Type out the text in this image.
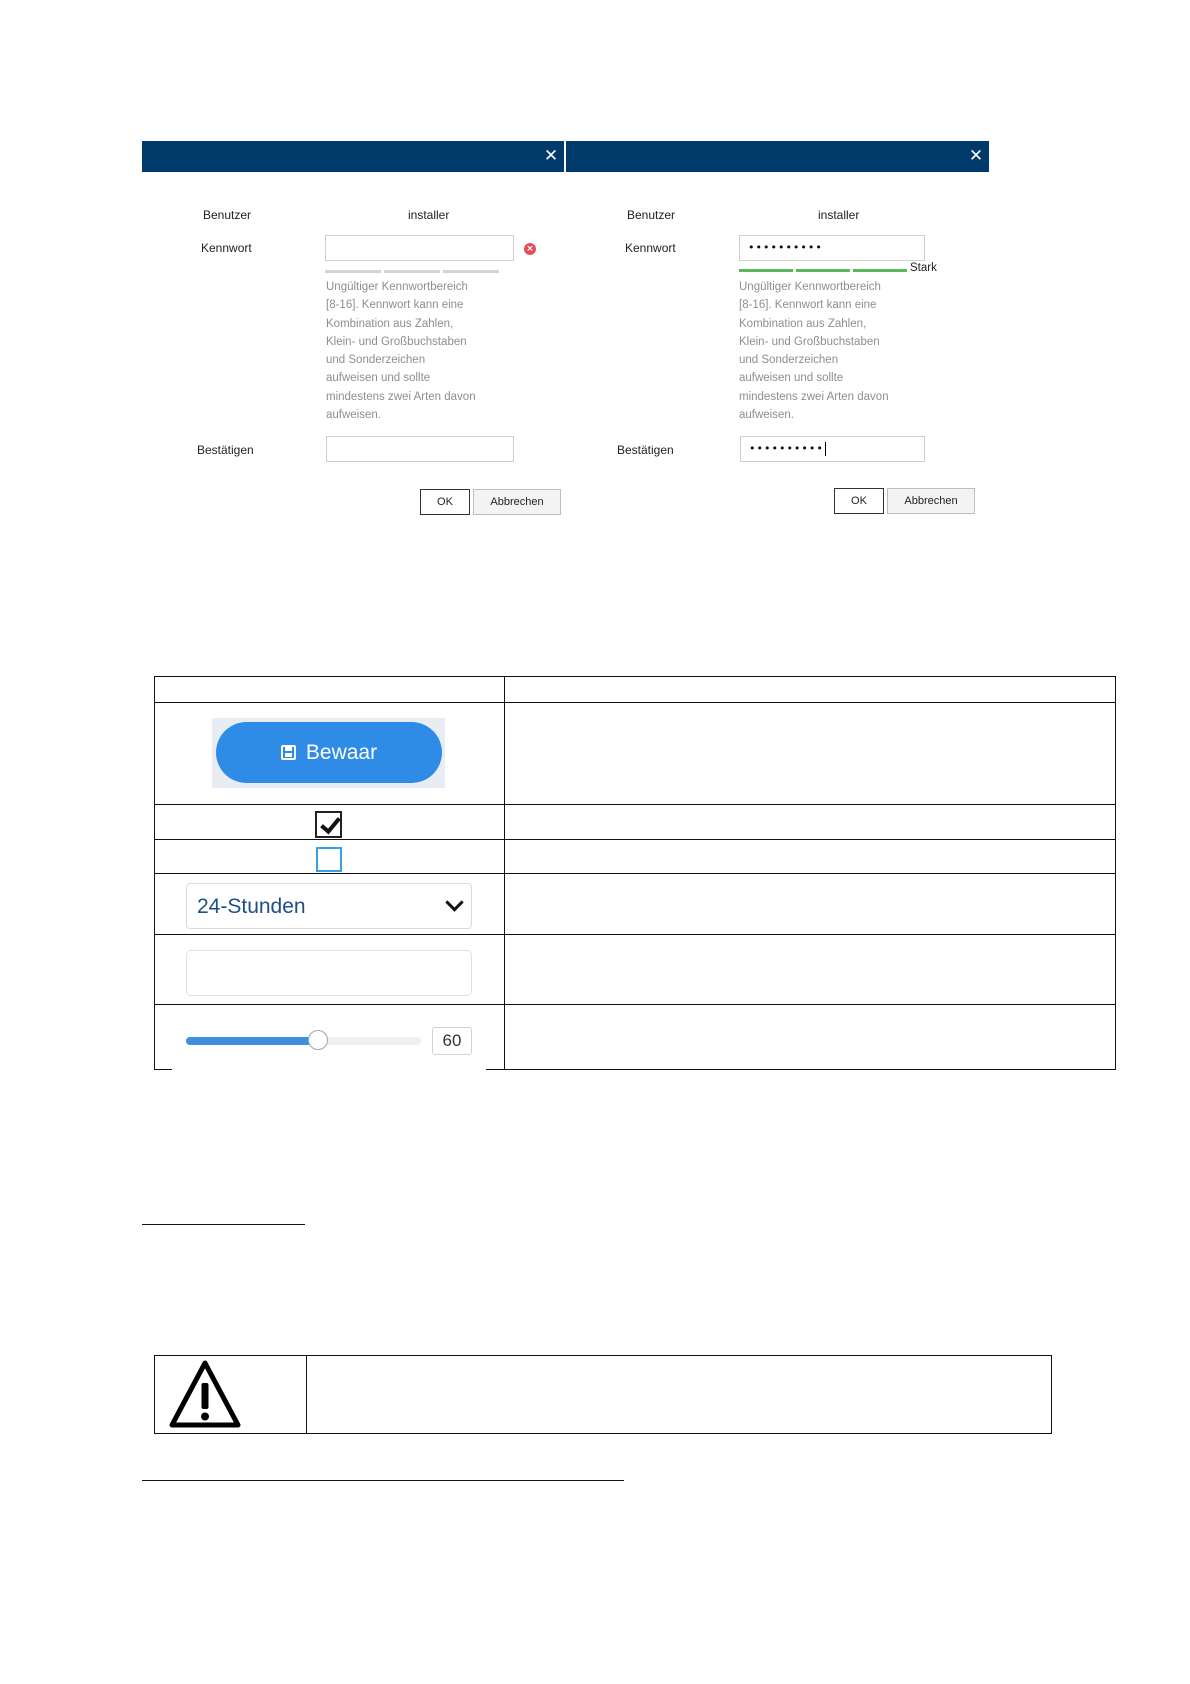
✕
Benutzer	installer
Kennwort	×
Ungültiger Kennwortbereich
[8-16]. Kennwort kann eine
Kombination aus Zahlen,
Klein- und Großbuchstaben
und Sonderzeichen
aufweisen und sollte
mindestens zwei Arten davon
aufweisen.
Bestätigen
OK	Abbrechen
✕
Benutzer	installer
Kennwort	••••••••••
Stark
Ungültiger Kennwortbereich
[8-16]. Kennwort kann eine
Kombination aus Zahlen,
Klein- und Großbuchstaben
und Sonderzeichen
aufweisen und sollte
mindestens zwei Arten davon
aufweisen.
Bestätigen	••••••••••
OK	Abbrechen
Bewaar
24-Stunden
60
